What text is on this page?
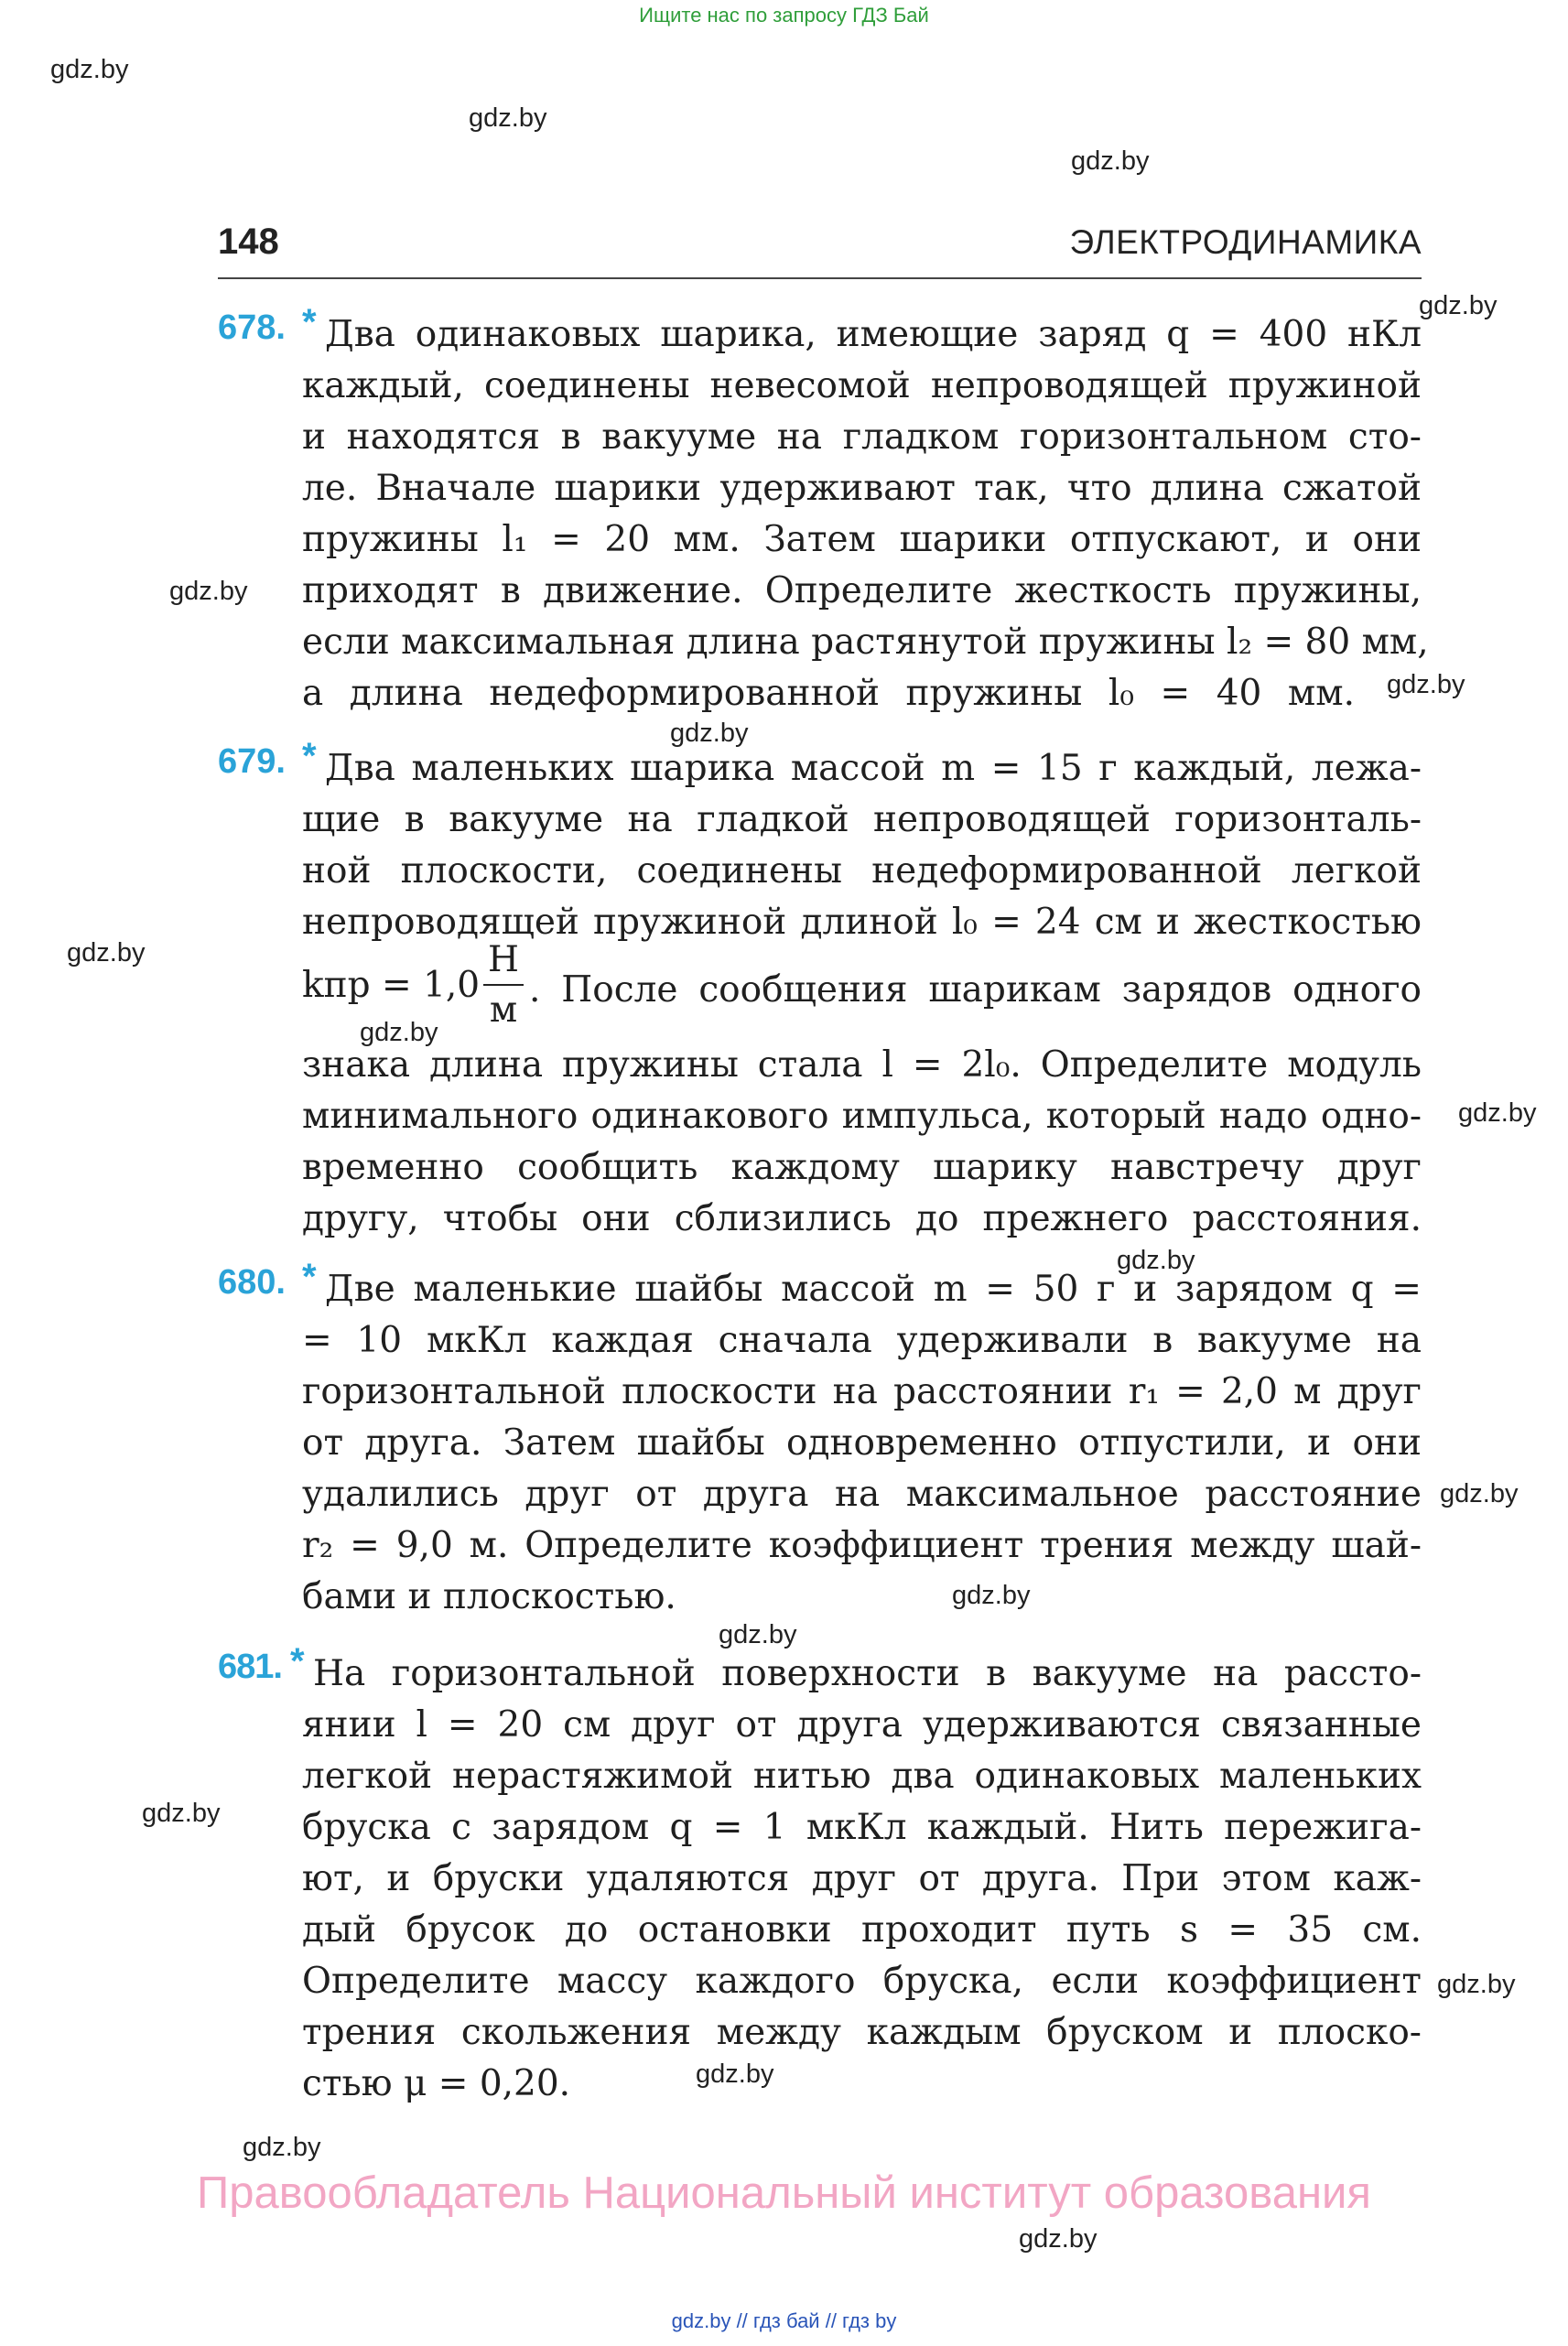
Ищите нас по запросу ГДЗ Бай
gdz.by
gdz.by
gdz.by
gdz.by
gdz.by
gdz.by
gdz.by
gdz.by
gdz.by
gdz.by
gdz.by
gdz.by
gdz.by
gdz.by
gdz.by
gdz.by
gdz.by
gdz.by
gdz.by
148	ЭЛЕКТРОДИНАМИКА
678. * Два одинаковых шарика, имеющие заряд q = 400 нКл
каждый, соединены невесомой непроводящей пружиной
и находятся в вакууме на гладком горизонтальном сто-
ле. Вначале шарики удерживают так, что длина сжатой
пружины l₁ = 20 мм. Затем шарики отпускают, и они
приходят в движение. Определите жесткость пружины,
если максимальная длина растянутой пружины l₂ = 80 мм,
а длина недеформированной пружины l₀ = 40 мм.
679. * Два маленьких шарика массой m = 15 г каждый, лежа-
щие в вакууме на гладкой непроводящей горизонталь-
ной плоскости, соединены недеформированной легкой
непроводящей пружиной длиной l₀ = 24 см и жесткостью
kпр = 1,0
Н
м . После сообщения шарикам зарядов одного
знака длина пружины стала l = 2l₀. Определите модуль
минимального одинакового импульса, который надо одно-
временно сообщить каждому шарику навстречу друг
другу, чтобы они сблизились до прежнего расстояния.
680. * Две маленькие шайбы массой m = 50 г и зарядом q =
= 10 мкКл каждая сначала удерживали в вакууме на
горизонтальной плоскости на расстоянии r₁ = 2,0 м друг
от друга. Затем шайбы одновременно отпустили, и они
удалились друг от друга на максимальное расстояние
r₂ = 9,0 м. Определите коэффициент трения между шай-
бами и плоскостью.
681. * На горизонтальной поверхности в вакууме на рассто-
янии l = 20 см друг от друга удерживаются связанные
легкой нерастяжимой нитью два одинаковых маленьких
бруска с зарядом q = 1 мкКл каждый. Нить пережига-
ют, и бруски удаляются друг от друга. При этом каж-
дый брусок до остановки проходит путь s = 35 см.
Определите массу каждого бруска, если коэффициент
трения скольжения между каждым бруском и плоско-
стью μ = 0,20.
Правообладатель Национальный институт образования
gdz.by // гдз бай // гдз by
